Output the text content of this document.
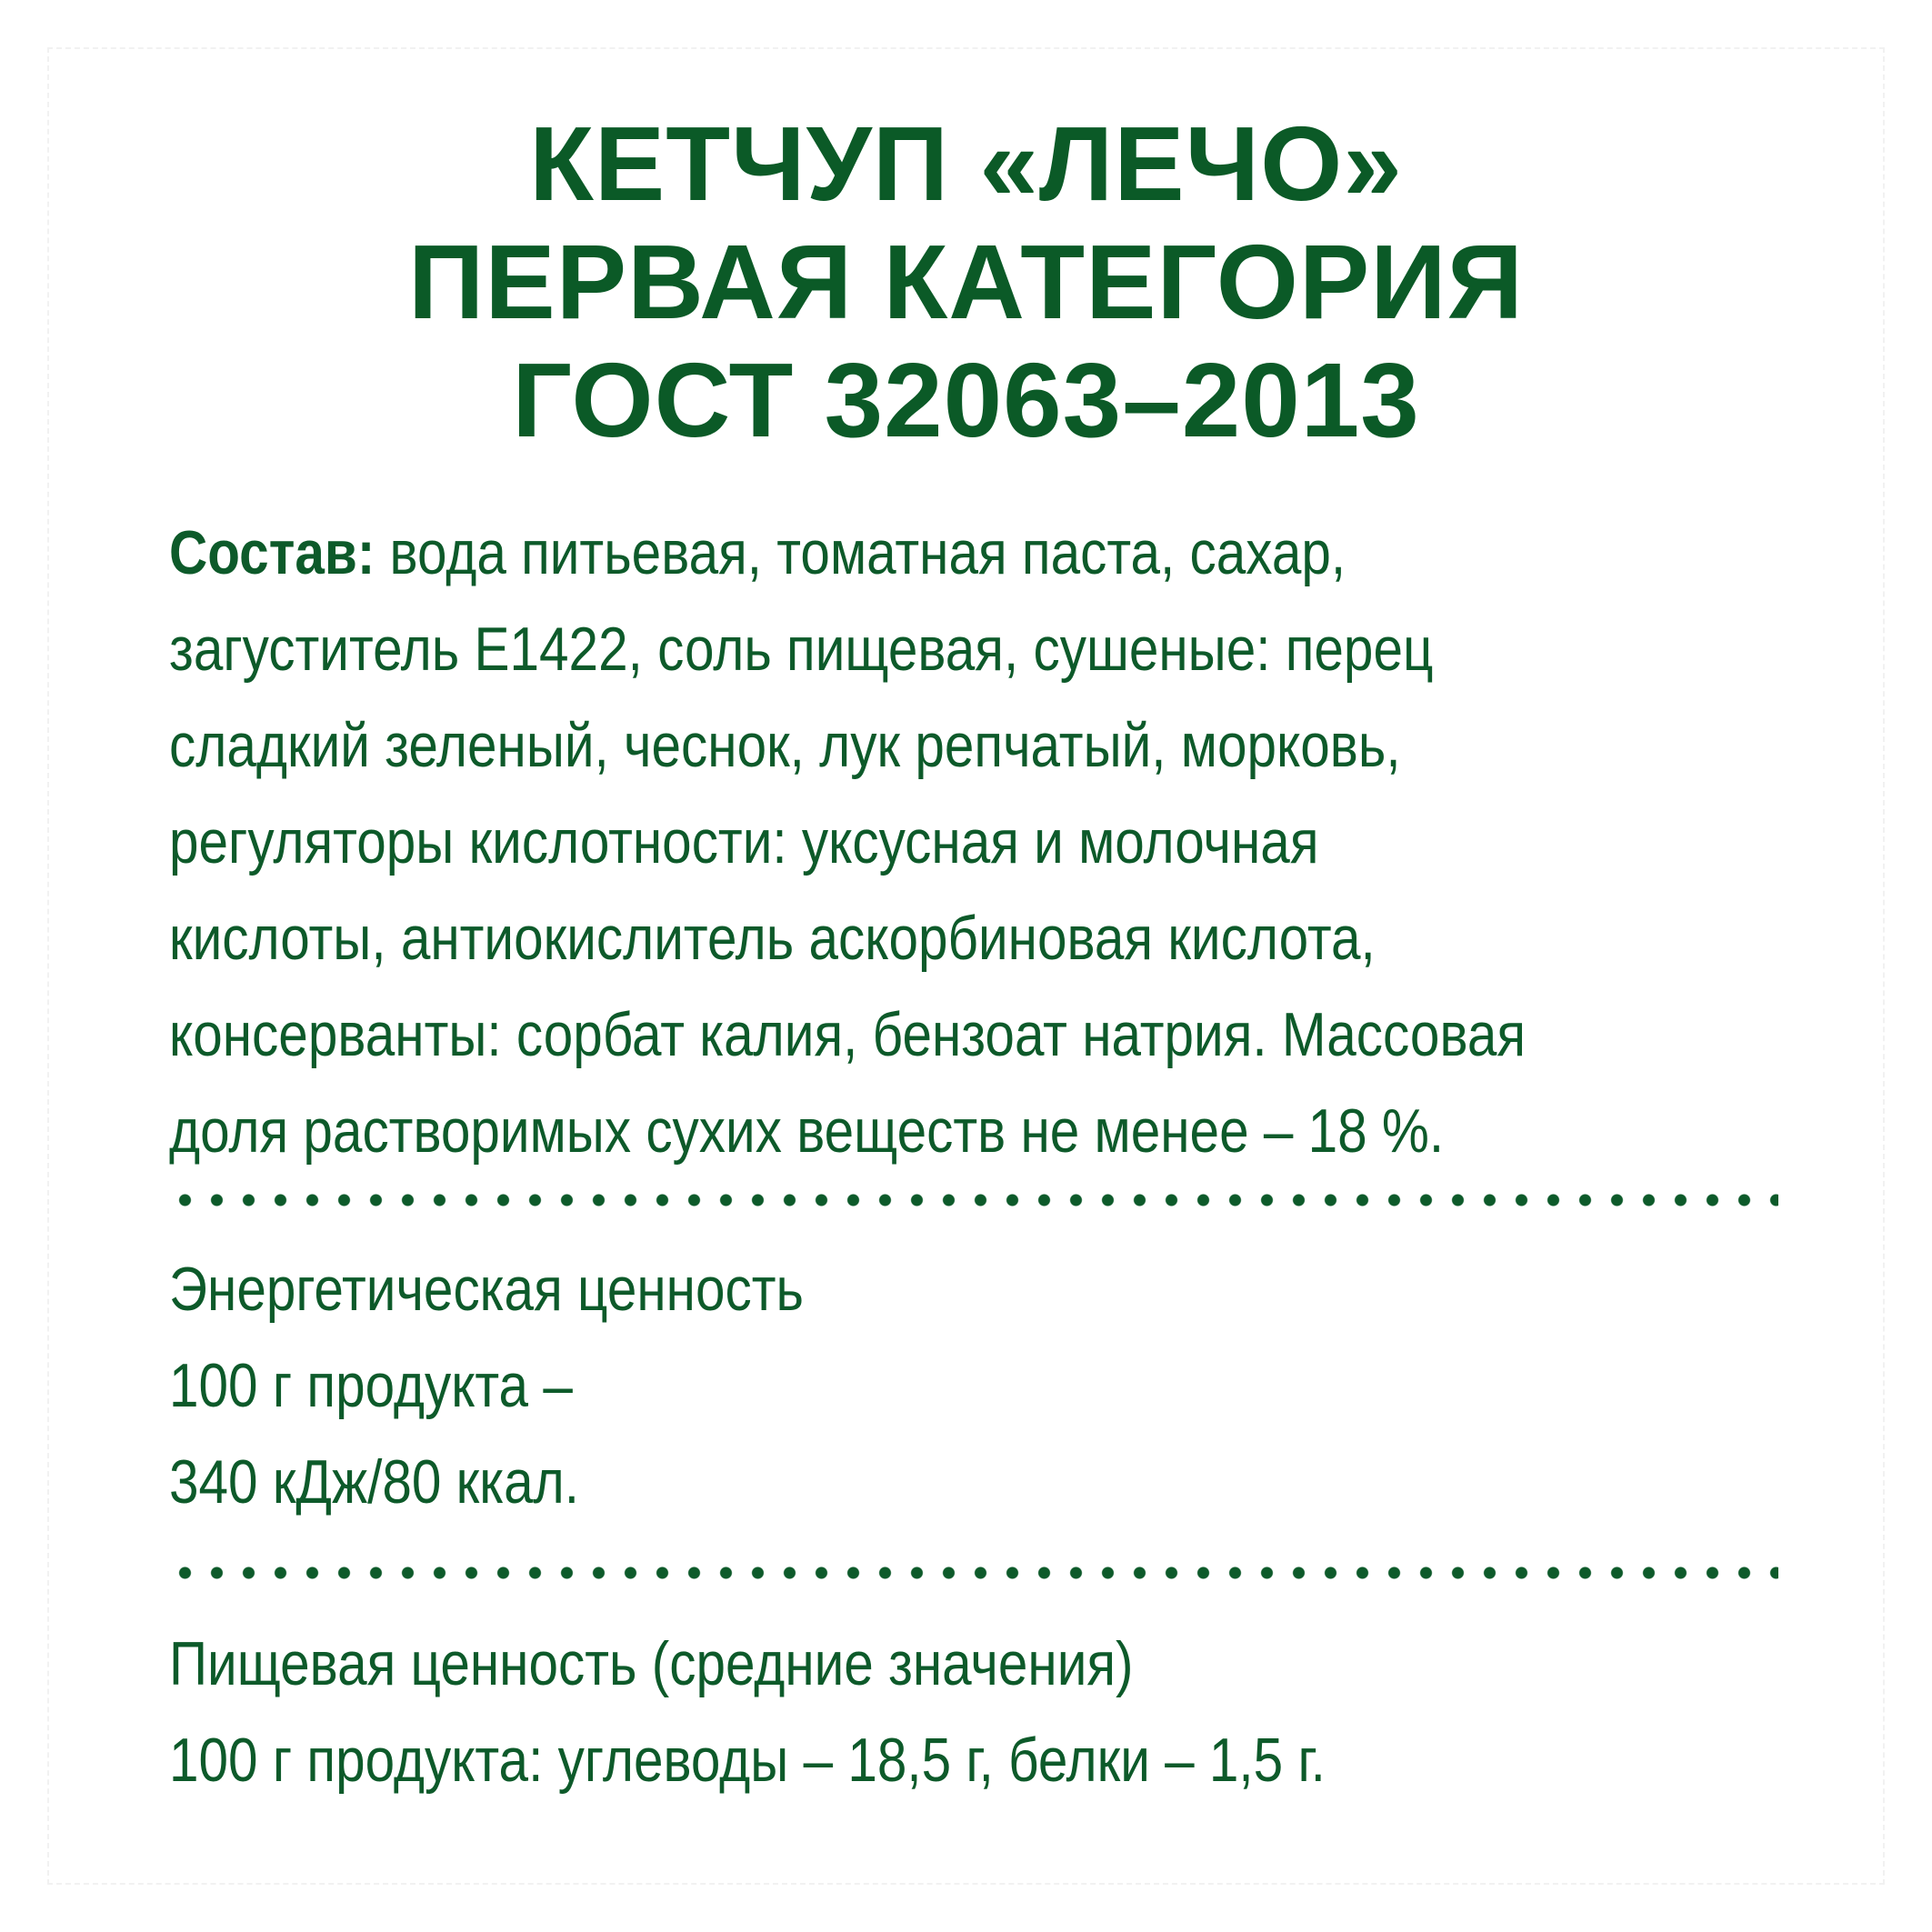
КЕТЧУП «ЛЕЧО»
ПЕРВАЯ КАТЕГОРИЯ
ГОСТ 32063–2013
Состав: вода питьевая, томатная паста, сахар,
загуститель Е1422, соль пищевая, сушеные: перец
сладкий зеленый, чеснок, лук репчатый, морковь,
регуляторы кислотности: уксусная и молочная
кислоты, антиокислитель аскорбиновая кислота,
консерванты: сорбат калия, бензоат натрия. Массовая
доля растворимых сухих веществ не менее – 18 %.
Энергетическая ценность
100 г продукта –
340 кДж/80 ккал.
Пищевая ценность (средние значения)
100 г продукта: углеводы – 18,5 г, белки – 1,5 г.
